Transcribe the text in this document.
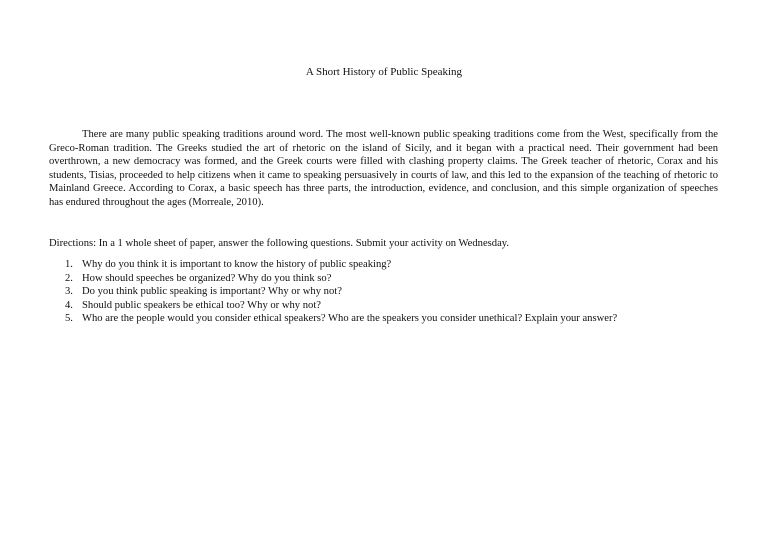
A Short History of Public Speaking

There are many public speaking traditions around word. The most well-known public speaking traditions come from the West, specifically from the Greco-Roman tradition. The Greeks studied the art of rhetoric on the island of Sicily, and it began with a practical need. Their government had been overthrown, a new democracy was formed, and the Greek courts were filled with clashing property claims. The Greek teacher of rhetoric, Corax and his students, Tisias, proceeded to help citizens when it came to speaking persuasively in courts of law, and this led to the expansion of the teaching of rhetoric to Mainland Greece. According to Corax, a basic speech has three parts, the introduction, evidence, and conclusion, and this simple organization of speeches has endured throughout the ages (Morreale, 2010).

Directions: In a 1 whole sheet of paper, answer the following questions. Submit your activity on Wednesday.

1. Why do you think it is important to know the history of public speaking?
2. How should speeches be organized? Why do you think so?
3. Do you think public speaking is important? Why or why not?
4. Should public speakers be ethical too? Why or why not?
5. Who are the people would you consider ethical speakers? Who are the speakers you consider unethical? Explain your answer?
